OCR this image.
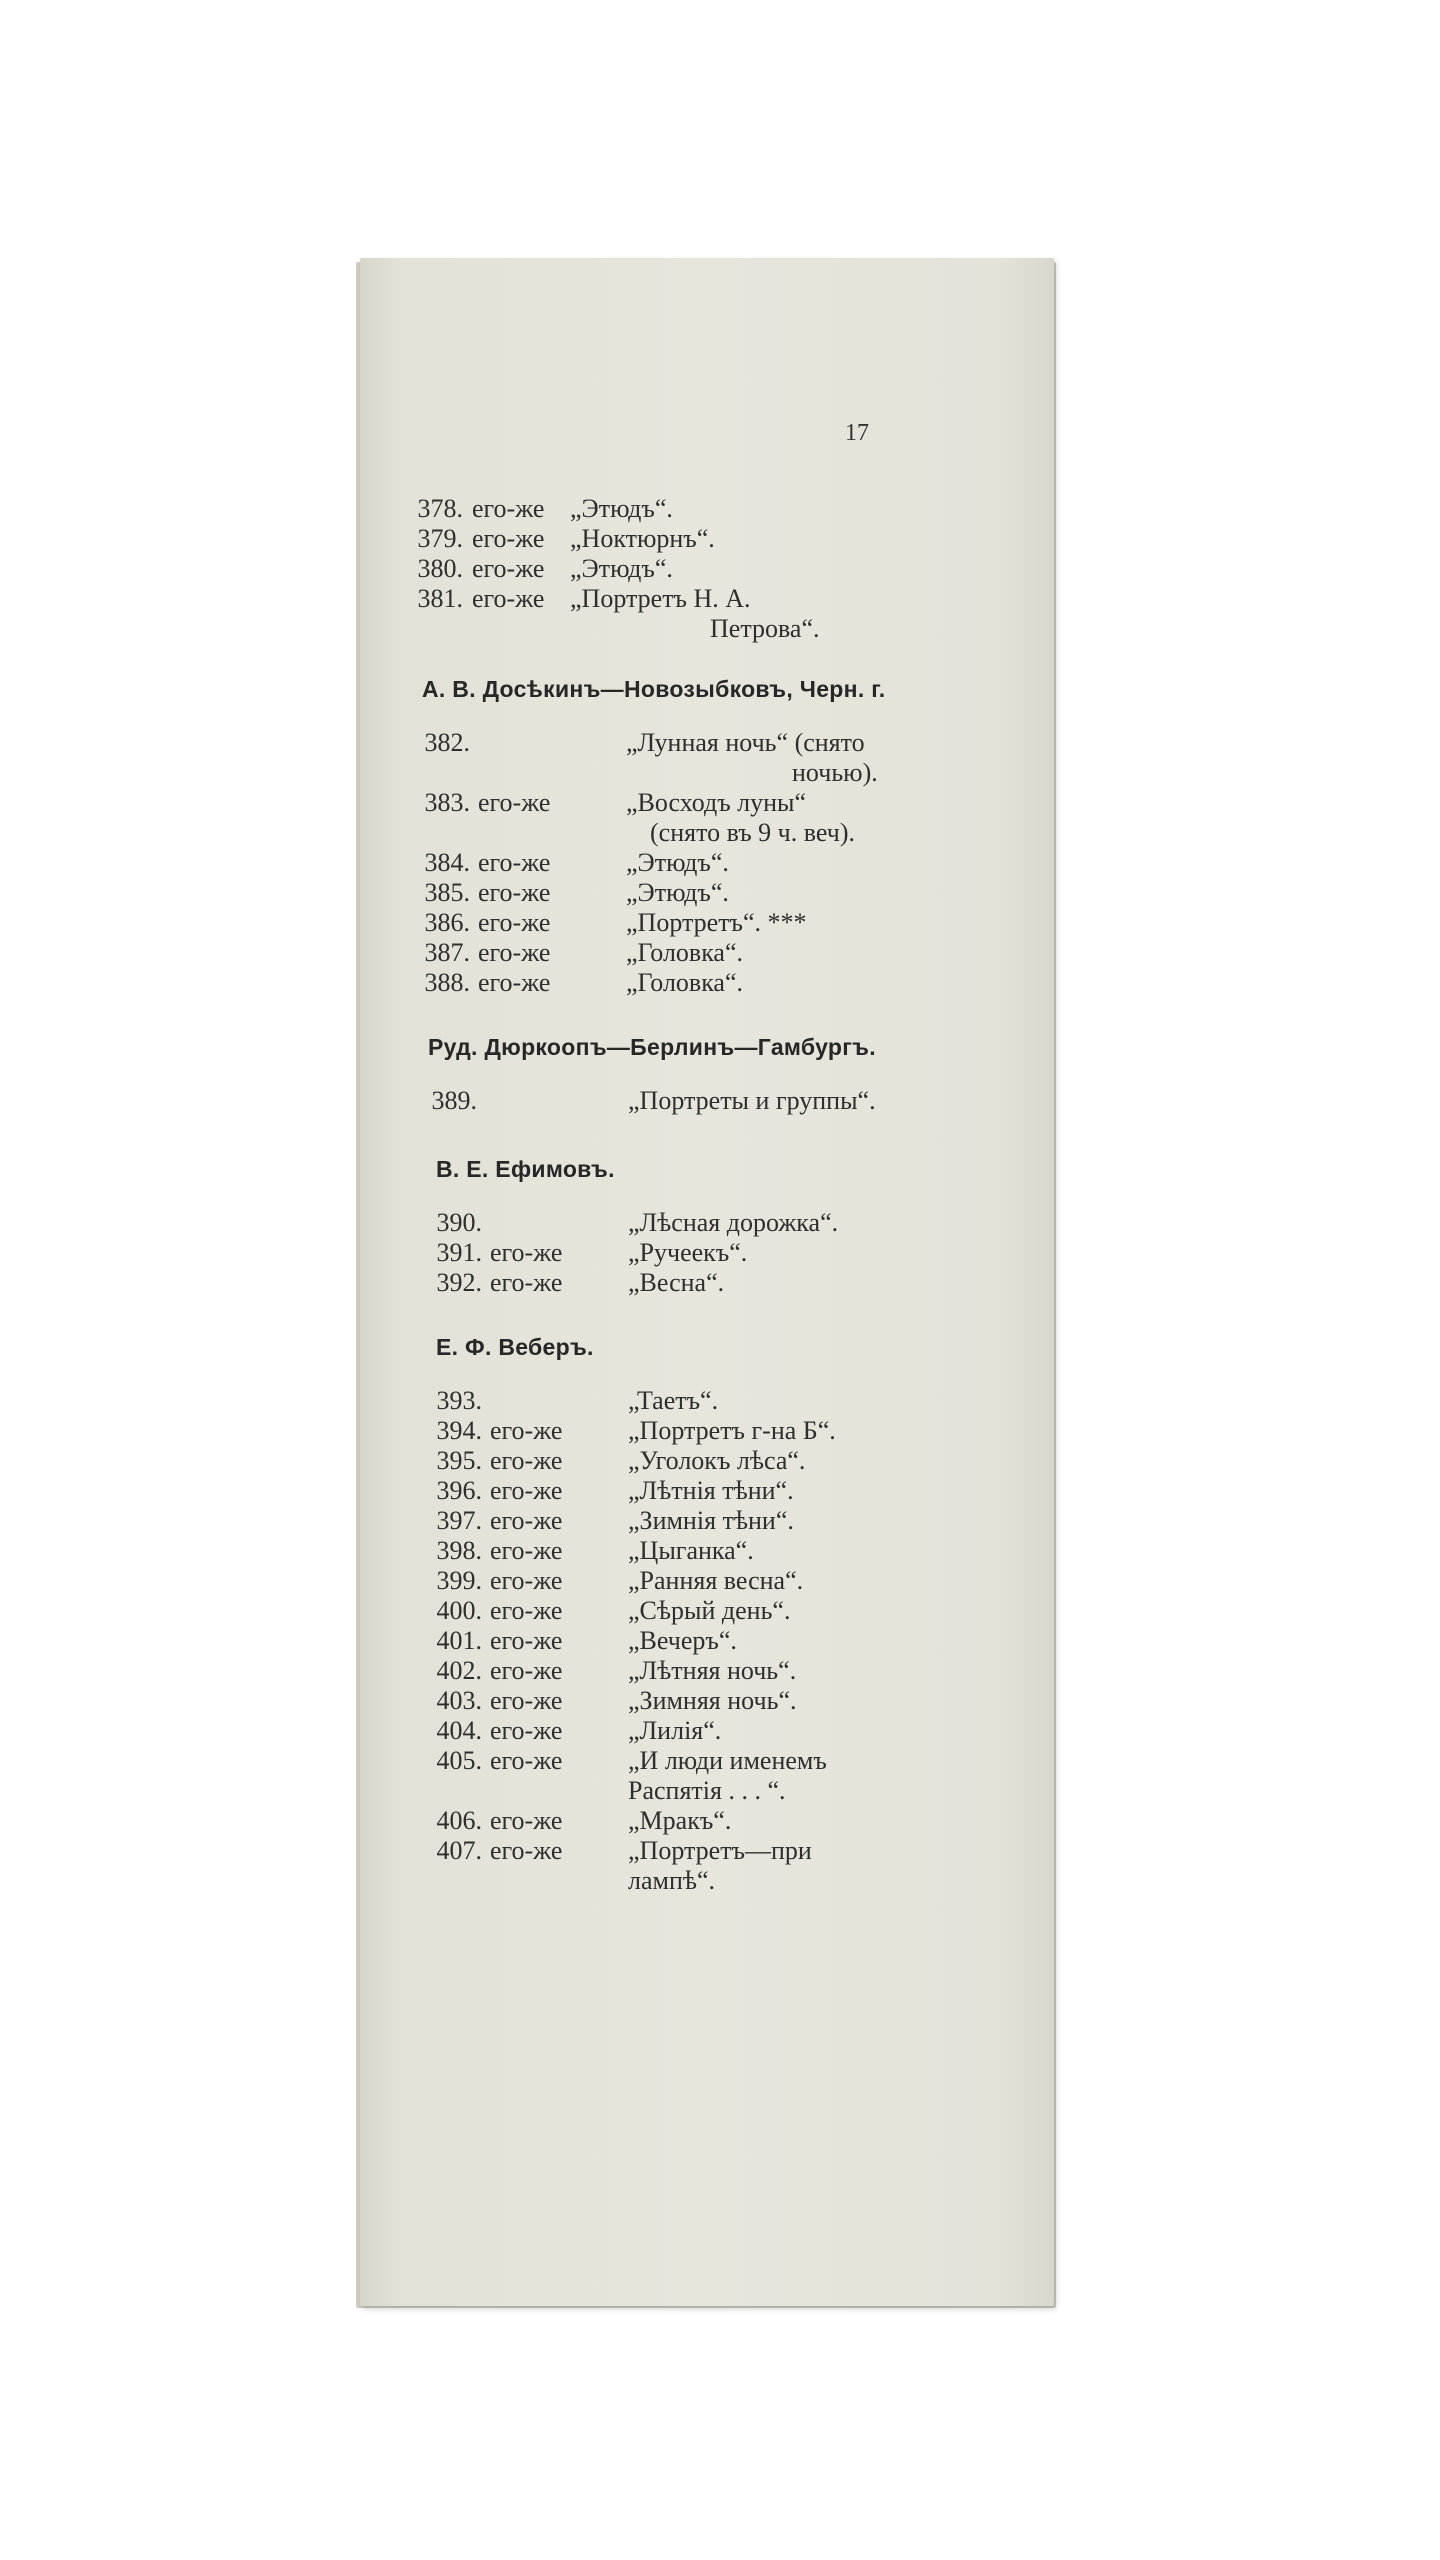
17
378. его-же „Этюдъ“.
379. его-же „Ноктюрнъ“.
380. его-же „Этюдъ“.
381. его-же „Портретъ Н. А.
Петрова“.
А. В. Досѣкинъ—Новозыбковъ, Черн. г.
382.	„Лунная ночь“ (снято
ночью).
383. его-же	„Восходъ луны“
(снято въ 9 ч. веч).
384. его-же	„Этюдъ“.
385. его-же	„Этюдъ“.
386. его-же	„Портретъ“. ***
387. его-же	„Головка“.
388. его-же	„Головка“.
Руд. Дюркоопъ—Берлинъ—Гамбургъ.
389.	„Портреты и группы“.
В. Е. Ефимовъ.
390.	„Лѣсная дорожка“.
391. его-же	„Ручеекъ“.
392. его-же	„Весна“.
Е. Ф. Веберъ.
393.	„Таетъ“.
394. его-же	„Портретъ г-на Б“.
395. его-же	„Уголокъ лѣса“.
396. его-же	„Лѣтнія тѣни“.
397. его-же	„Зимнія тѣни“.
398. его-же	„Цыганка“.
399. его-же	„Ранняя весна“.
400. его-же	„Сѣрый день“.
401. его-же	„Вечеръ“.
402. его-же	„Лѣтняя ночь“.
403. его-же	„Зимняя ночь“.
404. его-же	„Лилія“.
405. его-же	„И люди именемъ
Распятія . . . “.
406. его-же	„Мракъ“.
407. его-же	„Портретъ—при
лампѣ“.
